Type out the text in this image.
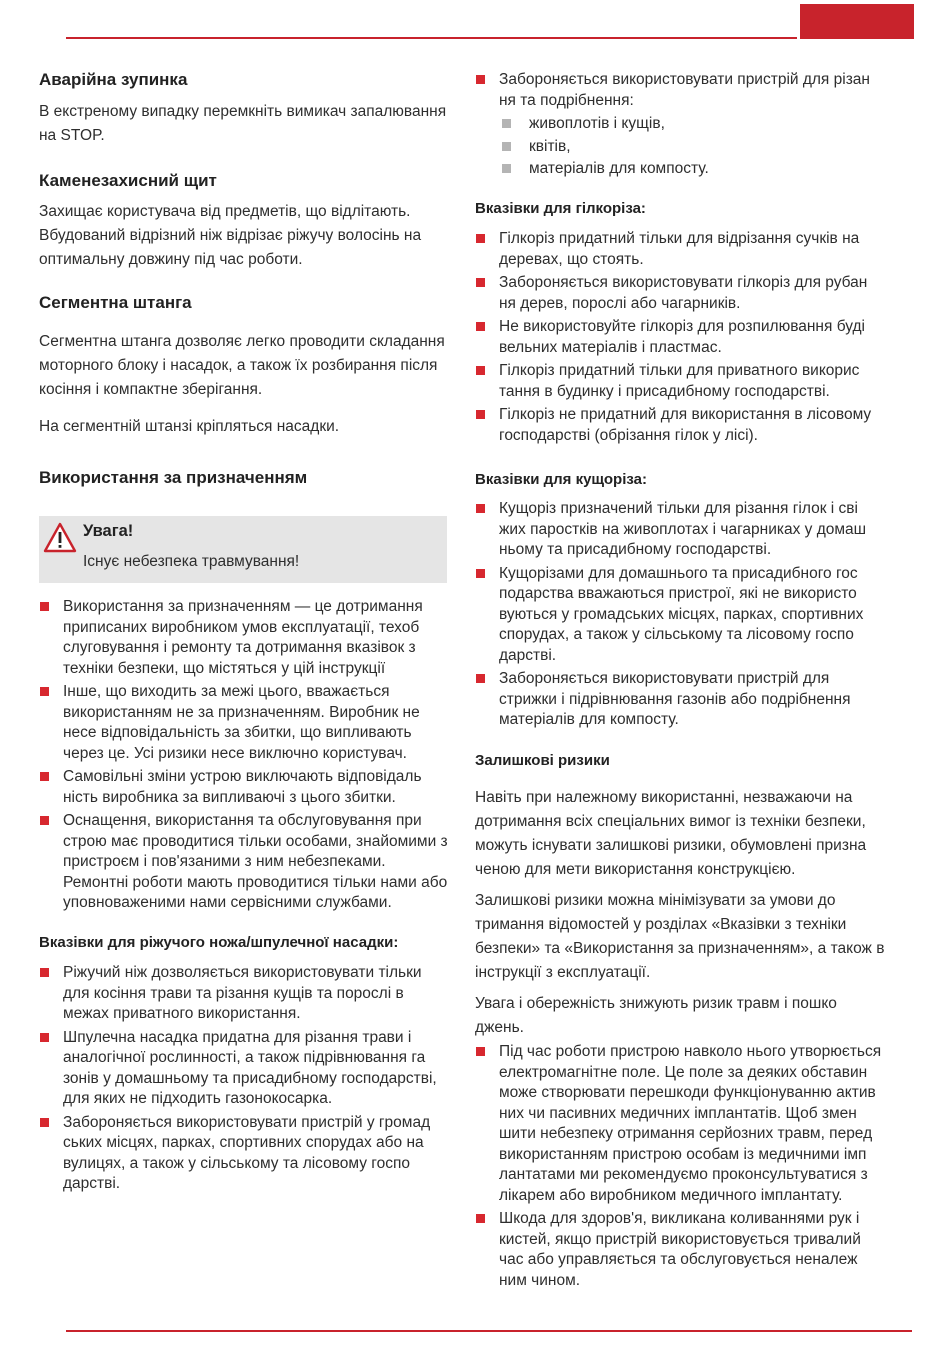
Аварійна зупинка
В екстреному випадку перемкніть вимикач запалювання на STOP.
Каменезахисний щит
Захищає користувача від предметів, що відлітають. Вбудований відрізний ніж відрізає ріжучу волосінь на оптимальну довжину під час роботи.
Сегментна штанга
Сегментна штанга дозволяє легко проводити складання моторного блоку і насадок, а також їх розбирання після косіння і компактне зберігання.
На сегментній штанзі кріпляться насадки.
Використання за призначенням
Увага!
Існує небезпека травмування!
Використання за призначенням — це дотримання приписаних виробником умов експлуатації, техоб слуговування і ремонту та дотримання вказівок з техніки безпеки, що містяться у цій інструкції
Інше, що виходить за межі цього, вважається використанням не за призначенням. Виробник не несе відповідальність за збитки, що випливають через це. Усі ризики несе виключно користувач.
Самовільні зміни устрою виключають відповідаль ність виробника за випливаючі з цього збитки.
Оснащення, використання та обслуговування при строю має проводитися тільки особами, знайомими з пристроєм і пов'язаними з ним небезпеками. Ремонтні роботи мають проводитися тільки нами або уповноваженими нами сервісними службами.
Вказівки для ріжучого ножа/шпулечної насадки:
Ріжучий ніж дозволяється використовувати тільки для косіння трави та різання кущів та порослі в межах приватного використання.
Шпулечна насадка придатна для різання трави і аналогічної рослинності, а також підрівнювання га зонів у домашньому та присадибному господарстві, для яких не підходить газонокосарка.
Забороняється використовувати пристрій у громад ських місцях, парках, спортивних спорудах або на вулицях, а також у сільському та лісовому госпо дарстві.
Забороняється використовувати пристрій для різан ня та подрібнення:
живоплотів і кущів,
квітів,
матеріалів для компосту.
Вказівки для гілкоріза:
Гілкоріз придатний тільки для відрізання сучків на деревах, що стоять.
Забороняється використовувати гілкоріз для рубан ня дерев, порослі або чагарників.
Не використовуйте гілкоріз для розпилювання буді вельних матеріалів і пластмас.
Гілкоріз придатний тільки для приватного викорис тання в будинку і присадибному господарстві.
Гілкоріз не придатний для використання в лісовому господарстві (обрізання гілок у лісі).
Вказівки для кущоріза:
Кущоріз призначений тільки для різання гілок і сві жих паростків на живоплотах і чагарниках у домаш ньому та присадибному господарстві.
Кущорізами для домашнього та присадибного гос подарства вважаються пристрої, які не використо вуються у громадських місцях, парках, спортивних спорудах, а також у сільському та лісовому госпо дарстві.
Забороняється використовувати пристрій для стрижки і підрівнювання газонів або подрібнення матеріалів для компосту.
Залишкові ризики
Навіть при належному використанні, незважаючи на дотримання всіх спеціальних вимог із техніки безпеки, можуть існувати залишкові ризики, обумовлені призна ченою для мети використання конструкцією.
Залишкові ризики можна мінімізувати за умови до тримання відомостей у розділах «Вказівки з техніки безпеки» та «Використання за призначенням», а також в інструкції з експлуатації.
Увага і обережність знижують ризик травм і пошко джень.
Під час роботи пристрою навколо нього утворюється електромагнітне поле. Це поле за деяких обставин може створювати перешкоди функціонуванню актив них чи пасивних медичних імплантатів. Щоб змен шити небезпеку отримання серйозних травм, перед використанням пристрою особам із медичними імп лантатами ми рекомендуємо проконсультуватися з лікарем або виробником медичного імплантату.
Шкода для здоров'я, викликана коливаннями рук і кистей, якщо пристрій використовується тривалий час або управляється та обслуговується неналеж ним чином.
